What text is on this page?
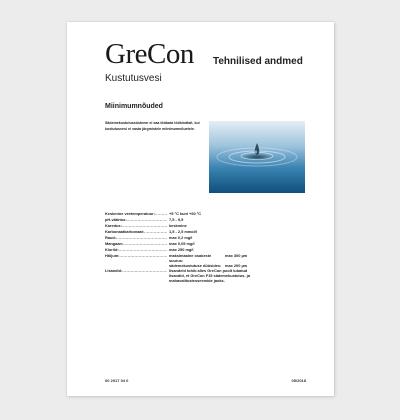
GreCon
Kustutusvesi
Tehnilised andmed
Miinimumnõuded
Sädemekustutussüsteem ei saa töötada töökindlalt, kui kustutusvesi ei vasta järgmistele miinimumnõuetele.
Keskmine veetemperatuur: .....	+5 °C kuni +60 °C
pH-väärtus: .....	7,5 - 9,5
Karedus: .....	keskmine
Karbonaatkarbonaat: .....	1,5 - 2,5 mmol/l
Raud: .....	max 0,2 mg/l
Mangaan: .....	max 0,05 mg/l
Kloriid: .....	max 250 mg/l
Hõljum: .....	maksimaalne osakeste suurus:
max 300 µm
sädemekustutuse düüsides: max 200 µm
Lisandid: .....	lisandeid tohib alles GreCon poolt lubatud
lisandid, et GreCon F15 sädemekustutus- ja
mahavalitustesseemide jaoks.
00 2917 04 0	05/2018
